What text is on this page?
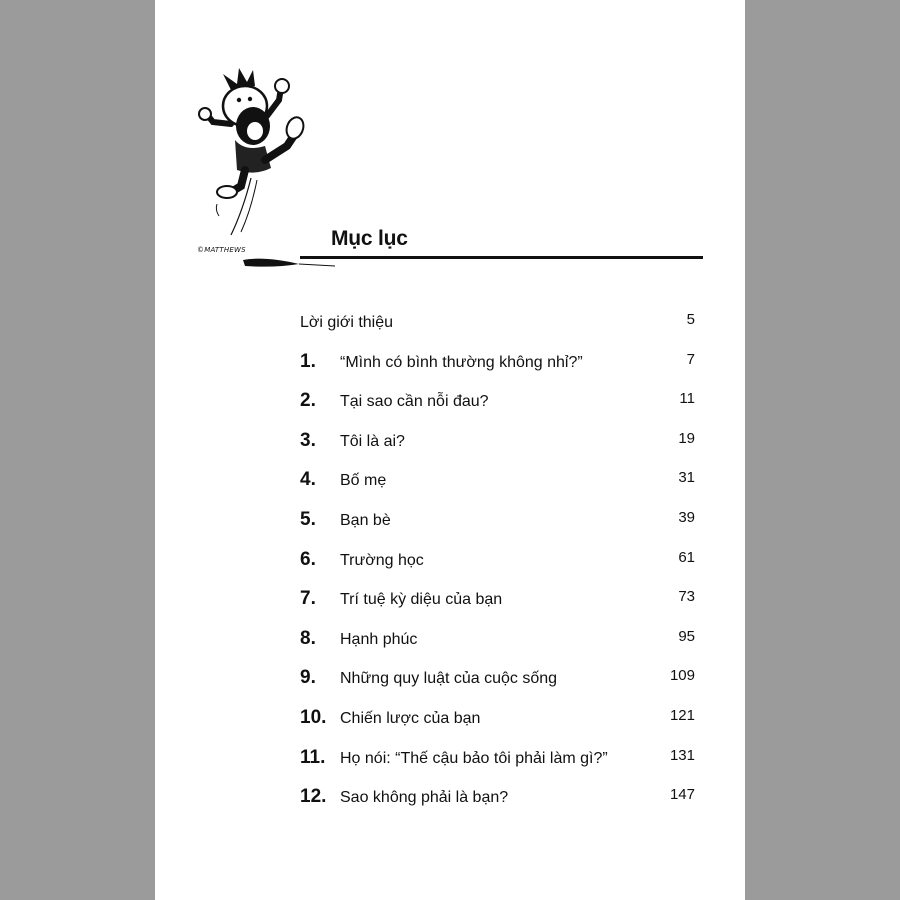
©MATTHEWS	Mục lục
Lời giới thiệu	5
1. “Mình có bình thường không nhỉ?”	7
2. Tại sao cần nỗi đau?	11
3. Tôi là ai?	19
4. Bố mẹ	31
5. Bạn bè	39
6. Trường học	61
7. Trí tuệ kỳ diệu của bạn	73
8. Hạnh phúc	95
9. Những quy luật của cuộc sống	109
10. Chiến lược của bạn	121
11. Họ nói: “Thế cậu bảo tôi phải làm gì?”	131
12. Sao không phải là bạn?	147
